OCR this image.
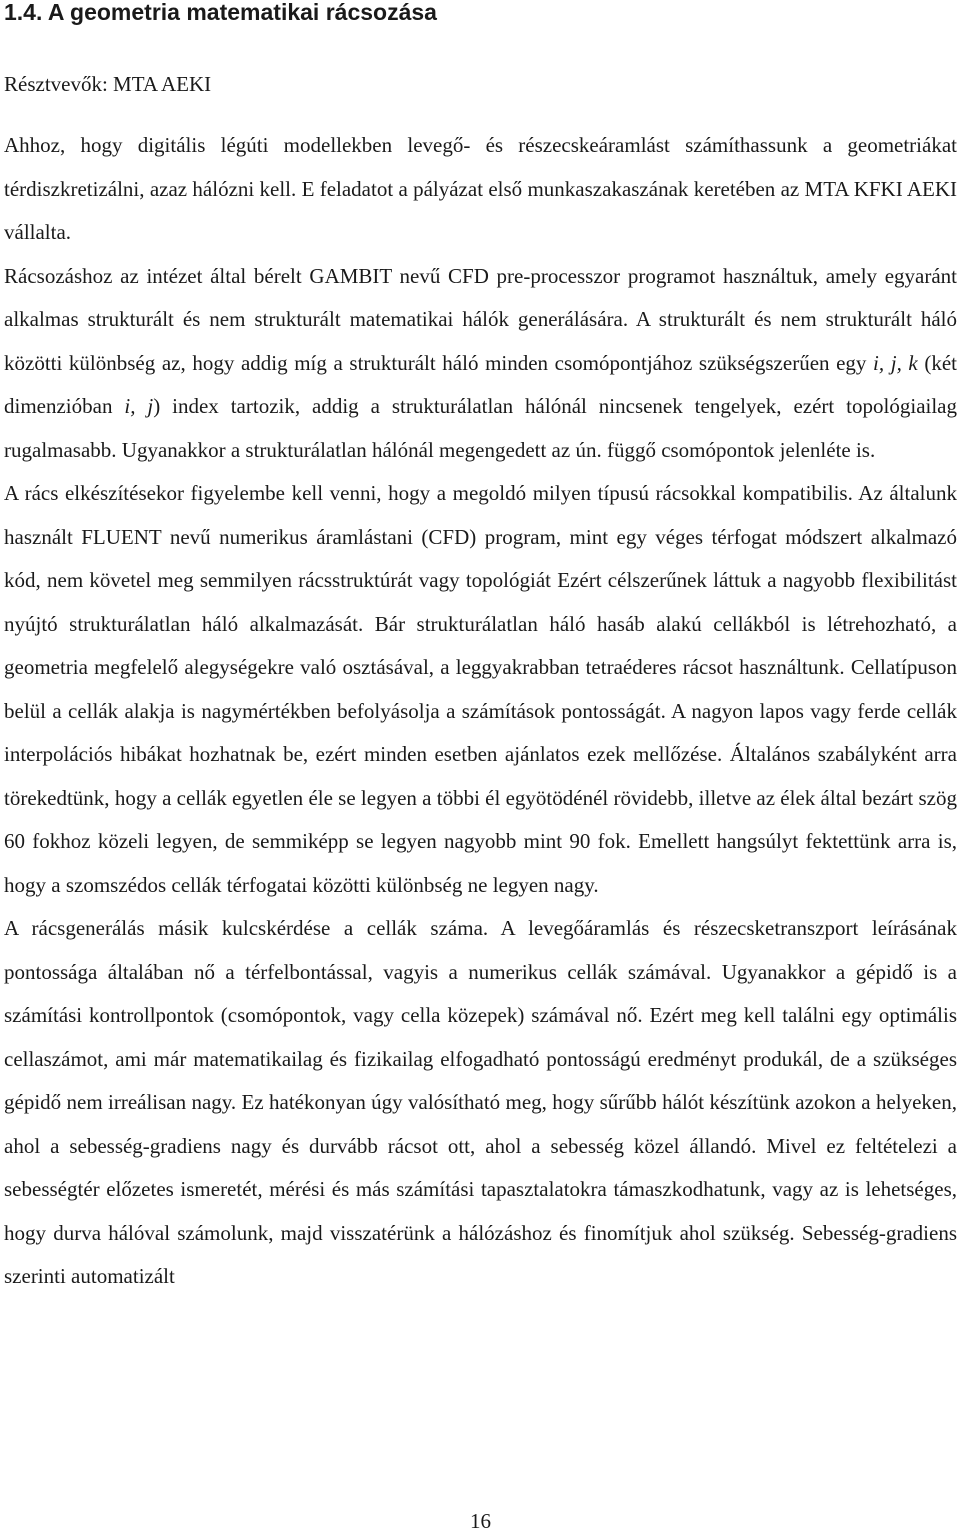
1.4. A geometria matematikai rácsozása

Résztvevők: MTA AEKI

Ahhoz, hogy digitális légúti modellekben levegő- és részecskeáramlást számíthassunk a geometriákat térdiszkretizálni, azaz hálózni kell. E feladatot a pályázat első munkaszakaszának keretében az MTA KFKI AEKI vállalta.

Rácsozáshoz az intézet által bérelt GAMBIT nevű CFD pre-processzor programot használtuk, amely egyaránt alkalmas strukturált és nem strukturált matematikai hálók generálására. A strukturált és nem strukturált háló közötti különbség az, hogy addig míg a strukturált háló minden csomópontjához szükségszerűen egy i, j, k (két dimenzióban i, j) index tartozik, addig a strukturálatlan hálónál nincsenek tengelyek, ezért topológiailag rugalmasabb. Ugyanakkor a strukturálatlan hálónál megengedett az ún. függő csomópontok jelenléte is.

A rács elkészítésekor figyelembe kell venni, hogy a megoldó milyen típusú rácsokkal kompatibilis. Az általunk használt FLUENT nevű numerikus áramlástani (CFD) program, mint egy véges térfogat módszert alkalmazó kód, nem követel meg semmilyen rácsstruktúrát vagy topológiát Ezért célszerűnek láttuk a nagyobb flexibilitást nyújtó strukturálatlan háló alkalmazását. Bár strukturálatlan háló hasáb alakú cellákból is létrehozható, a geometria megfelelő alegységekre való osztásával, a leggyakrabban tetraéderes rácsot használtunk. Cellatípuson belül a cellák alakja is nagymértékben befolyásolja a számítások pontosságát. A nagyon lapos vagy ferde cellák interpolációs hibákat hozhatnak be, ezért minden esetben ajánlatos ezek mellőzése. Általános szabályként arra törekedtünk, hogy a cellák egyetlen éle se legyen a többi él egyötödénél rövidebb, illetve az élek által bezárt szög 60 fokhoz közeli legyen, de semmiképp se legyen nagyobb mint 90 fok. Emellett hangsúlyt fektettünk arra is, hogy a szomszédos cellák térfogatai közötti különbség ne legyen nagy.

A rácsgenerálás másik kulcskérdése a cellák száma. A levegőáramlás és részecsketranszport leírásának pontossága általában nő a térfelbontással, vagyis a numerikus cellák számával. Ugyanakkor a gépidő is a számítási kontrollpontok (csomópontok, vagy cella közepek) számával nő. Ezért meg kell találni egy optimális cellaszámot, ami már matematikailag és fizikailag elfogadható pontosságú eredményt produkál, de a szükséges gépidő nem irreálisan nagy. Ez hatékonyan úgy valósítható meg, hogy sűrűbb hálót készítünk azokon a helyeken, ahol a sebesség-gradiens nagy és durvább rácsot ott, ahol a sebesség közel állandó. Mivel ez feltételezi a sebességtér előzetes ismeretét, mérési és más számítási tapasztalatokra támaszkodhatunk, vagy az is lehetséges, hogy durva hálóval számolunk, majd visszatérünk a hálózáshoz és finomítjuk ahol szükség. Sebesség-gradiens szerinti automatizált

16
